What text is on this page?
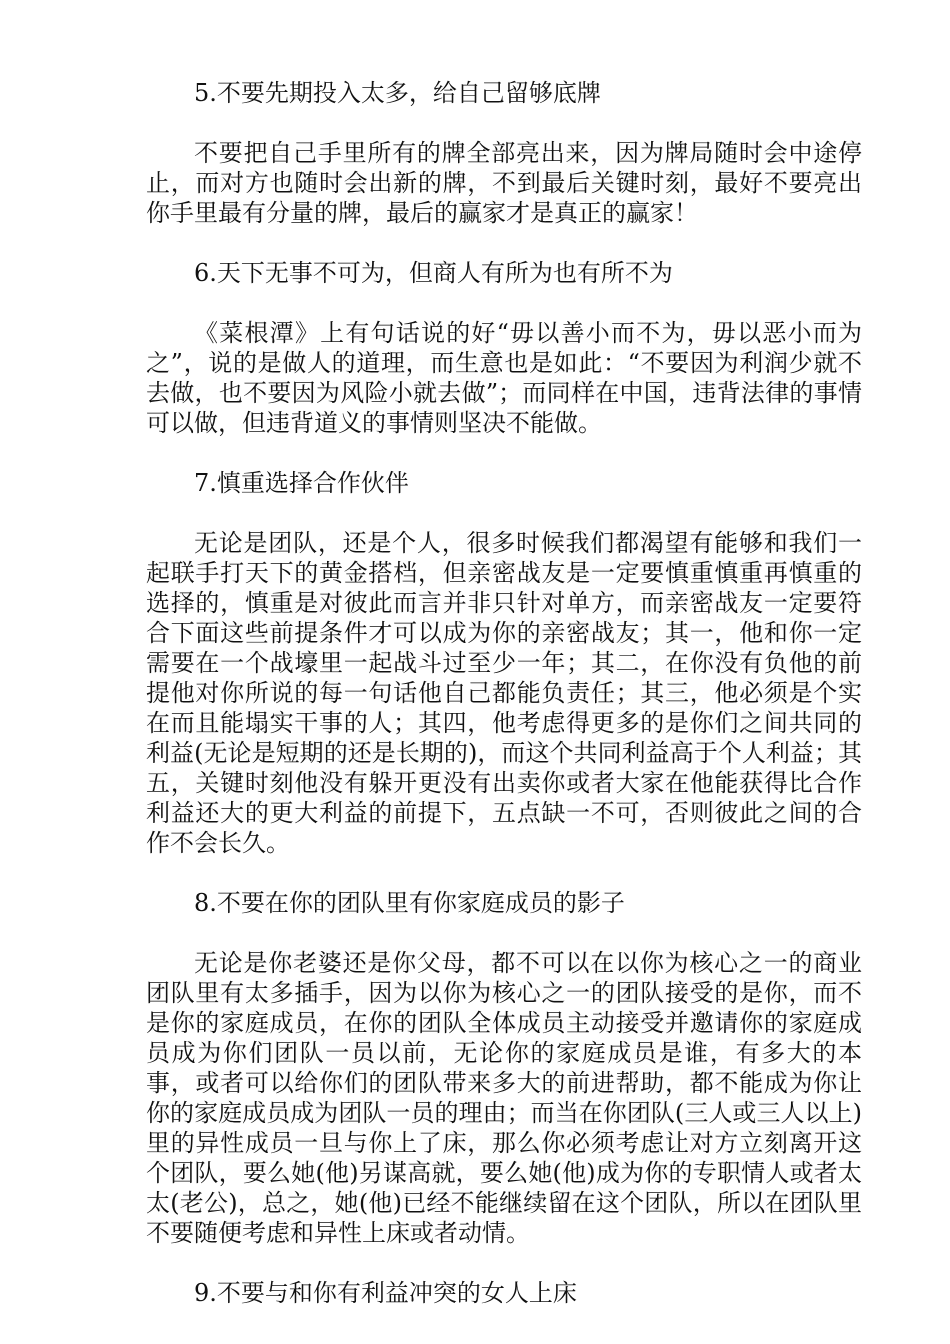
5.不要先期投入太多，给自己留够底牌

不要把自己手里所有的牌全部亮出来，因为牌局随时会中途停止，而对方也随时会出新的牌，不到最后关键时刻，最好不要亮出你手里最有分量的牌，最后的赢家才是真正的赢家！

6.天下无事不可为，但商人有所为也有所不为

《菜根潭》上有句话说的好“毋以善小而不为，毋以恶小而为之”，说的是做人的道理，而生意也是如此：“不要因为利润少就不去做，也不要因为风险小就去做”；而同样在中国，违背法律的事情可以做，但违背道义的事情则坚决不能做。

7.慎重选择合作伙伴

无论是团队，还是个人，很多时候我们都渴望有能够和我们一起联手打天下的黄金搭档，但亲密战友是一定要慎重慎重再慎重的选择的，慎重是对彼此而言并非只针对单方，而亲密战友一定要符合下面这些前提条件才可以成为你的亲密战友；其一，他和你一定需要在一个战壕里一起战斗过至少一年；其二，在你没有负他的前提他对你所说的每一句话他自己都能负责任；其三，他必须是个实在而且能塌实干事的人；其四，他考虑得更多的是你们之间共同的利益(无论是短期的还是长期的)，而这个共同利益高于个人利益；其五，关键时刻他没有躲开更没有出卖你或者大家在他能获得比合作利益还大的更大利益的前提下，五点缺一不可，否则彼此之间的合作不会长久。

8.不要在你的团队里有你家庭成员的影子

无论是你老婆还是你父母，都不可以在以你为核心之一的商业团队里有太多插手，因为以你为核心之一的团队接受的是你，而不是你的家庭成员，在你的团队全体成员主动接受并邀请你的家庭成员成为你们团队一员以前，无论你的家庭成员是谁，有多大的本事，或者可以给你们的团队带来多大的前进帮助，都不能成为你让你的家庭成员成为团队一员的理由；而当在你团队(三人或三人以上)里的异性成员一旦与你上了床，那么你必须考虑让对方立刻离开这个团队，要么她(他)另谋高就，要么她(他)成为你的专职情人或者太太(老公)，总之，她(他)已经不能继续留在这个团队，所以在团队里不要随便考虑和异性上床或者动情。

9.不要与和你有利益冲突的女人上床
